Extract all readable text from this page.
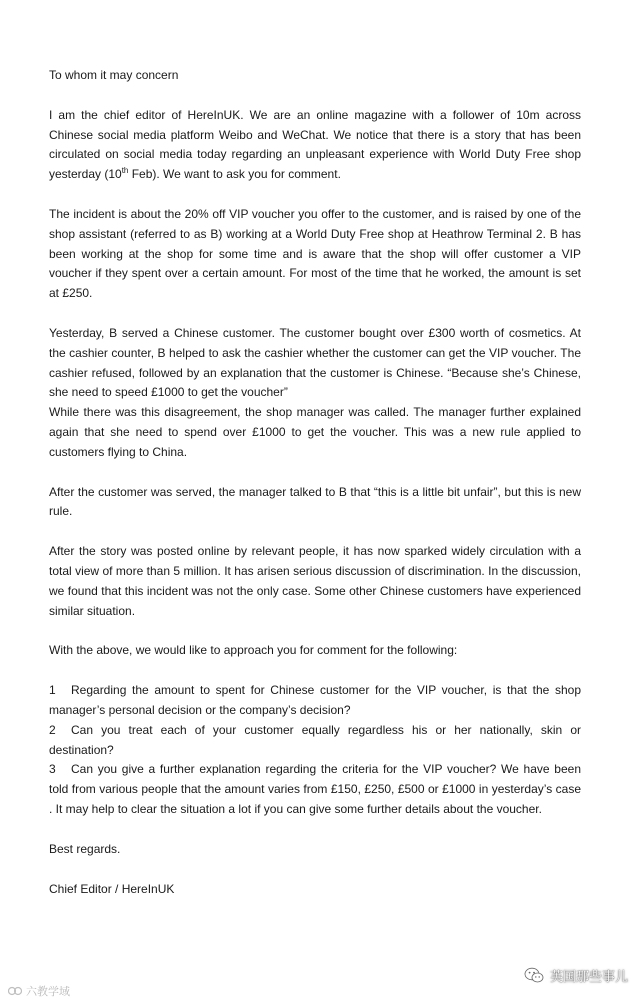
To whom it may concern

I am the chief editor of HereInUK. We are an online magazine with a follower of 10m across Chinese social media platform Weibo and WeChat. We notice that there is a story that has been circulated on social media today regarding an unpleasant experience with World Duty Free shop yesterday (10th Feb). We want to ask you for comment.

The incident is about the 20% off VIP voucher you offer to the customer, and is raised by one of the shop assistant (referred to as B) working at a World Duty Free shop at Heathrow Terminal 2. B has been working at the shop for some time and is aware that the shop will offer customer a VIP voucher if they spent over a certain amount. For most of the time that he worked, the amount is set at £250.

Yesterday, B served a Chinese customer. The customer bought over £300 worth of cosmetics. At the cashier counter, B helped to ask the cashier whether the customer can get the VIP voucher. The cashier refused, followed by an explanation that the customer is Chinese. “Because she’s Chinese, she need to speed £1000 to get the voucher”

While there was this disagreement, the shop manager was called. The manager further explained again that she need to spend over £1000 to get the voucher. This was a new rule applied to customers flying to China.

After the customer was served, the manager talked to B that “this is a little bit unfair”, but this is new rule.

After the story was posted online by relevant people, it has now sparked widely circulation with a total view of more than 5 million. It has arisen serious discussion of discrimination. In the discussion, we found that this incident was not the only case. Some other Chinese customers have experienced similar situation.

With the above, we would like to approach you for comment for the following:

1 Regarding the amount to spent for Chinese customer for the VIP voucher, is that the shop manager’s personal decision or the company’s decision?

2 Can you treat each of your customer equally regardless his or her nationally, skin or destination?

3 Can you give a further explanation regarding the criteria for the VIP voucher? We have been told from various people that the amount varies from £150, £250, £500 or £1000 in yesterday’s case . It may help to clear the situation a lot if you can give some further details about the voucher.

Best regards.

Chief Editor / HereInUK

六教学域
英国那些事儿
